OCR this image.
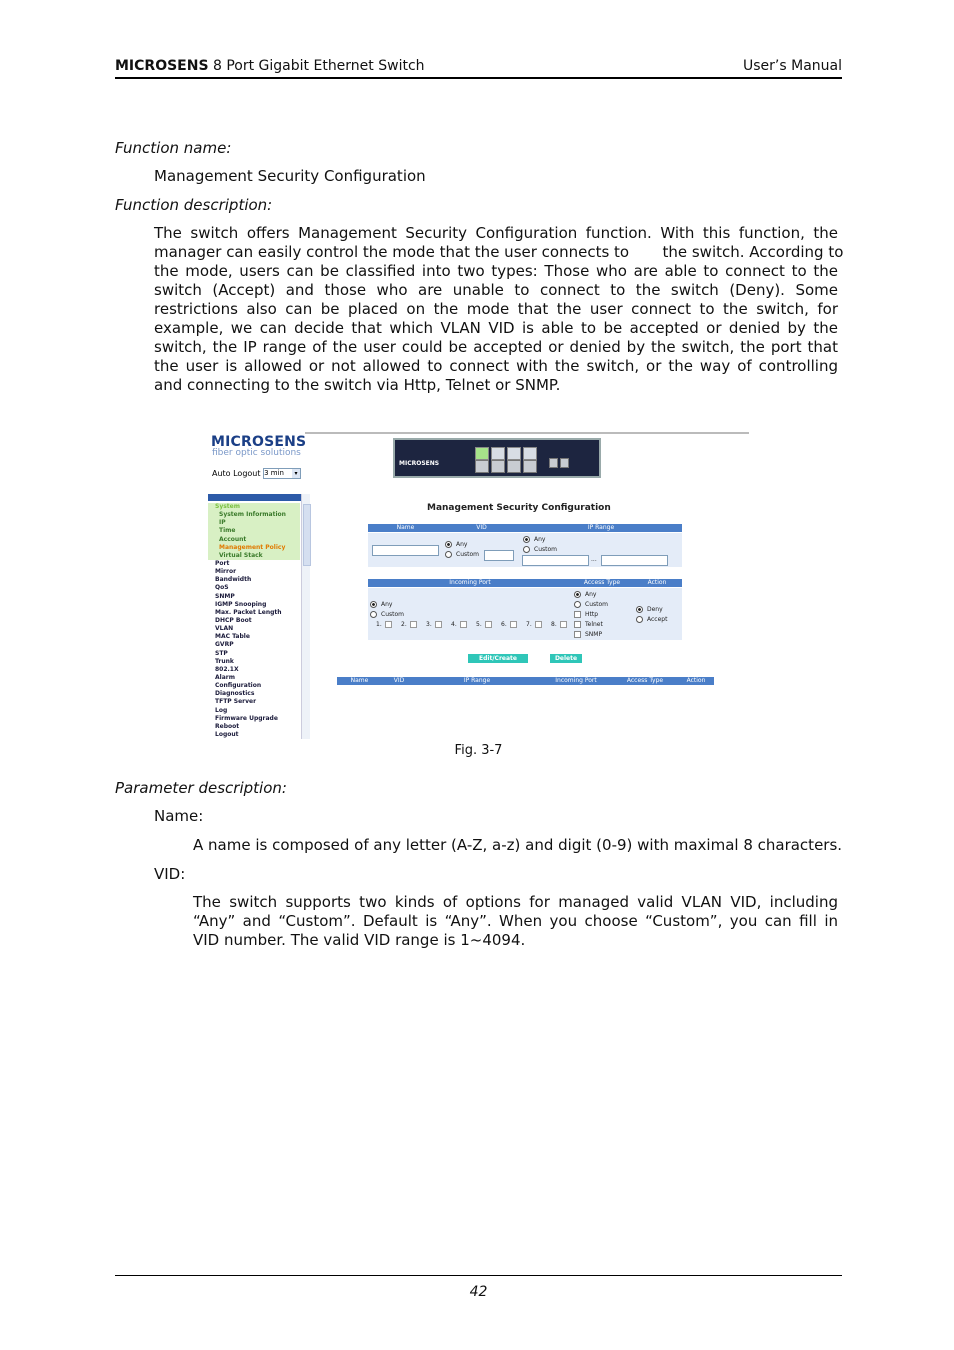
MICROSENS 8 Port Gigabit Ethernet Switch	User’s Manual
Function name:
Management Security Configuration
Function description:
The switch offers Management Security Configuration function. With this function, the
manager can easily control the mode that the user connects to       the switch. According to
the mode, users can be classified into two types: Those who are able to connect to the
switch (Accept) and those who are unable to connect to the switch (Deny). Some
restrictions also can be placed on the mode that the user connect to the switch, for
example, we can decide that which VLAN VID is able to be accepted or denied by the
switch, the IP range of the user could be accepted or denied by the switch, the port that
the user is allowed or not allowed to connect with the switch, or the way of controlling
and connecting to the switch via Http, Telnet or SNMP.
MICROSENS
fiber optic solutions
Auto Logout 3 min	▾
MICROSENS
System
System Information
IP
Time
Account
Management Policy
Virtual Stack
Port
Mirror
Bandwidth
QoS
SNMP
IGMP Snooping
Max. Packet Length
DHCP Boot
VLAN
MAC Table
GVRP
STP
Trunk
802.1X
Alarm
Configuration
Diagnostics
TFTP Server
Log
Firmware Upgrade
Reboot
Logout
Management Security Configuration
Name	VID	IP Range
Any
Custom
Any
Custom
...
Incoming Port	Access Type	Action
Any
Custom
1.	2.	3.	4.	5.	6.	7.	8.
Any
Custom
Http
Telnet
SNMP
Deny
Accept
Edit/Create	Delete
Name	VID	IP Range	Incoming Port	Access Type	Action
Fig. 3-7
Parameter description:
Name:
A name is composed of any letter (A-Z, a-z) and digit (0-9) with maximal 8 characters.
VID:
The switch supports two kinds of options for managed valid VLAN VID, including
“Any” and “Custom”. Default is “Any”. When you choose “Custom”, you can fill in
VID number. The valid VID range is 1~4094.
42
